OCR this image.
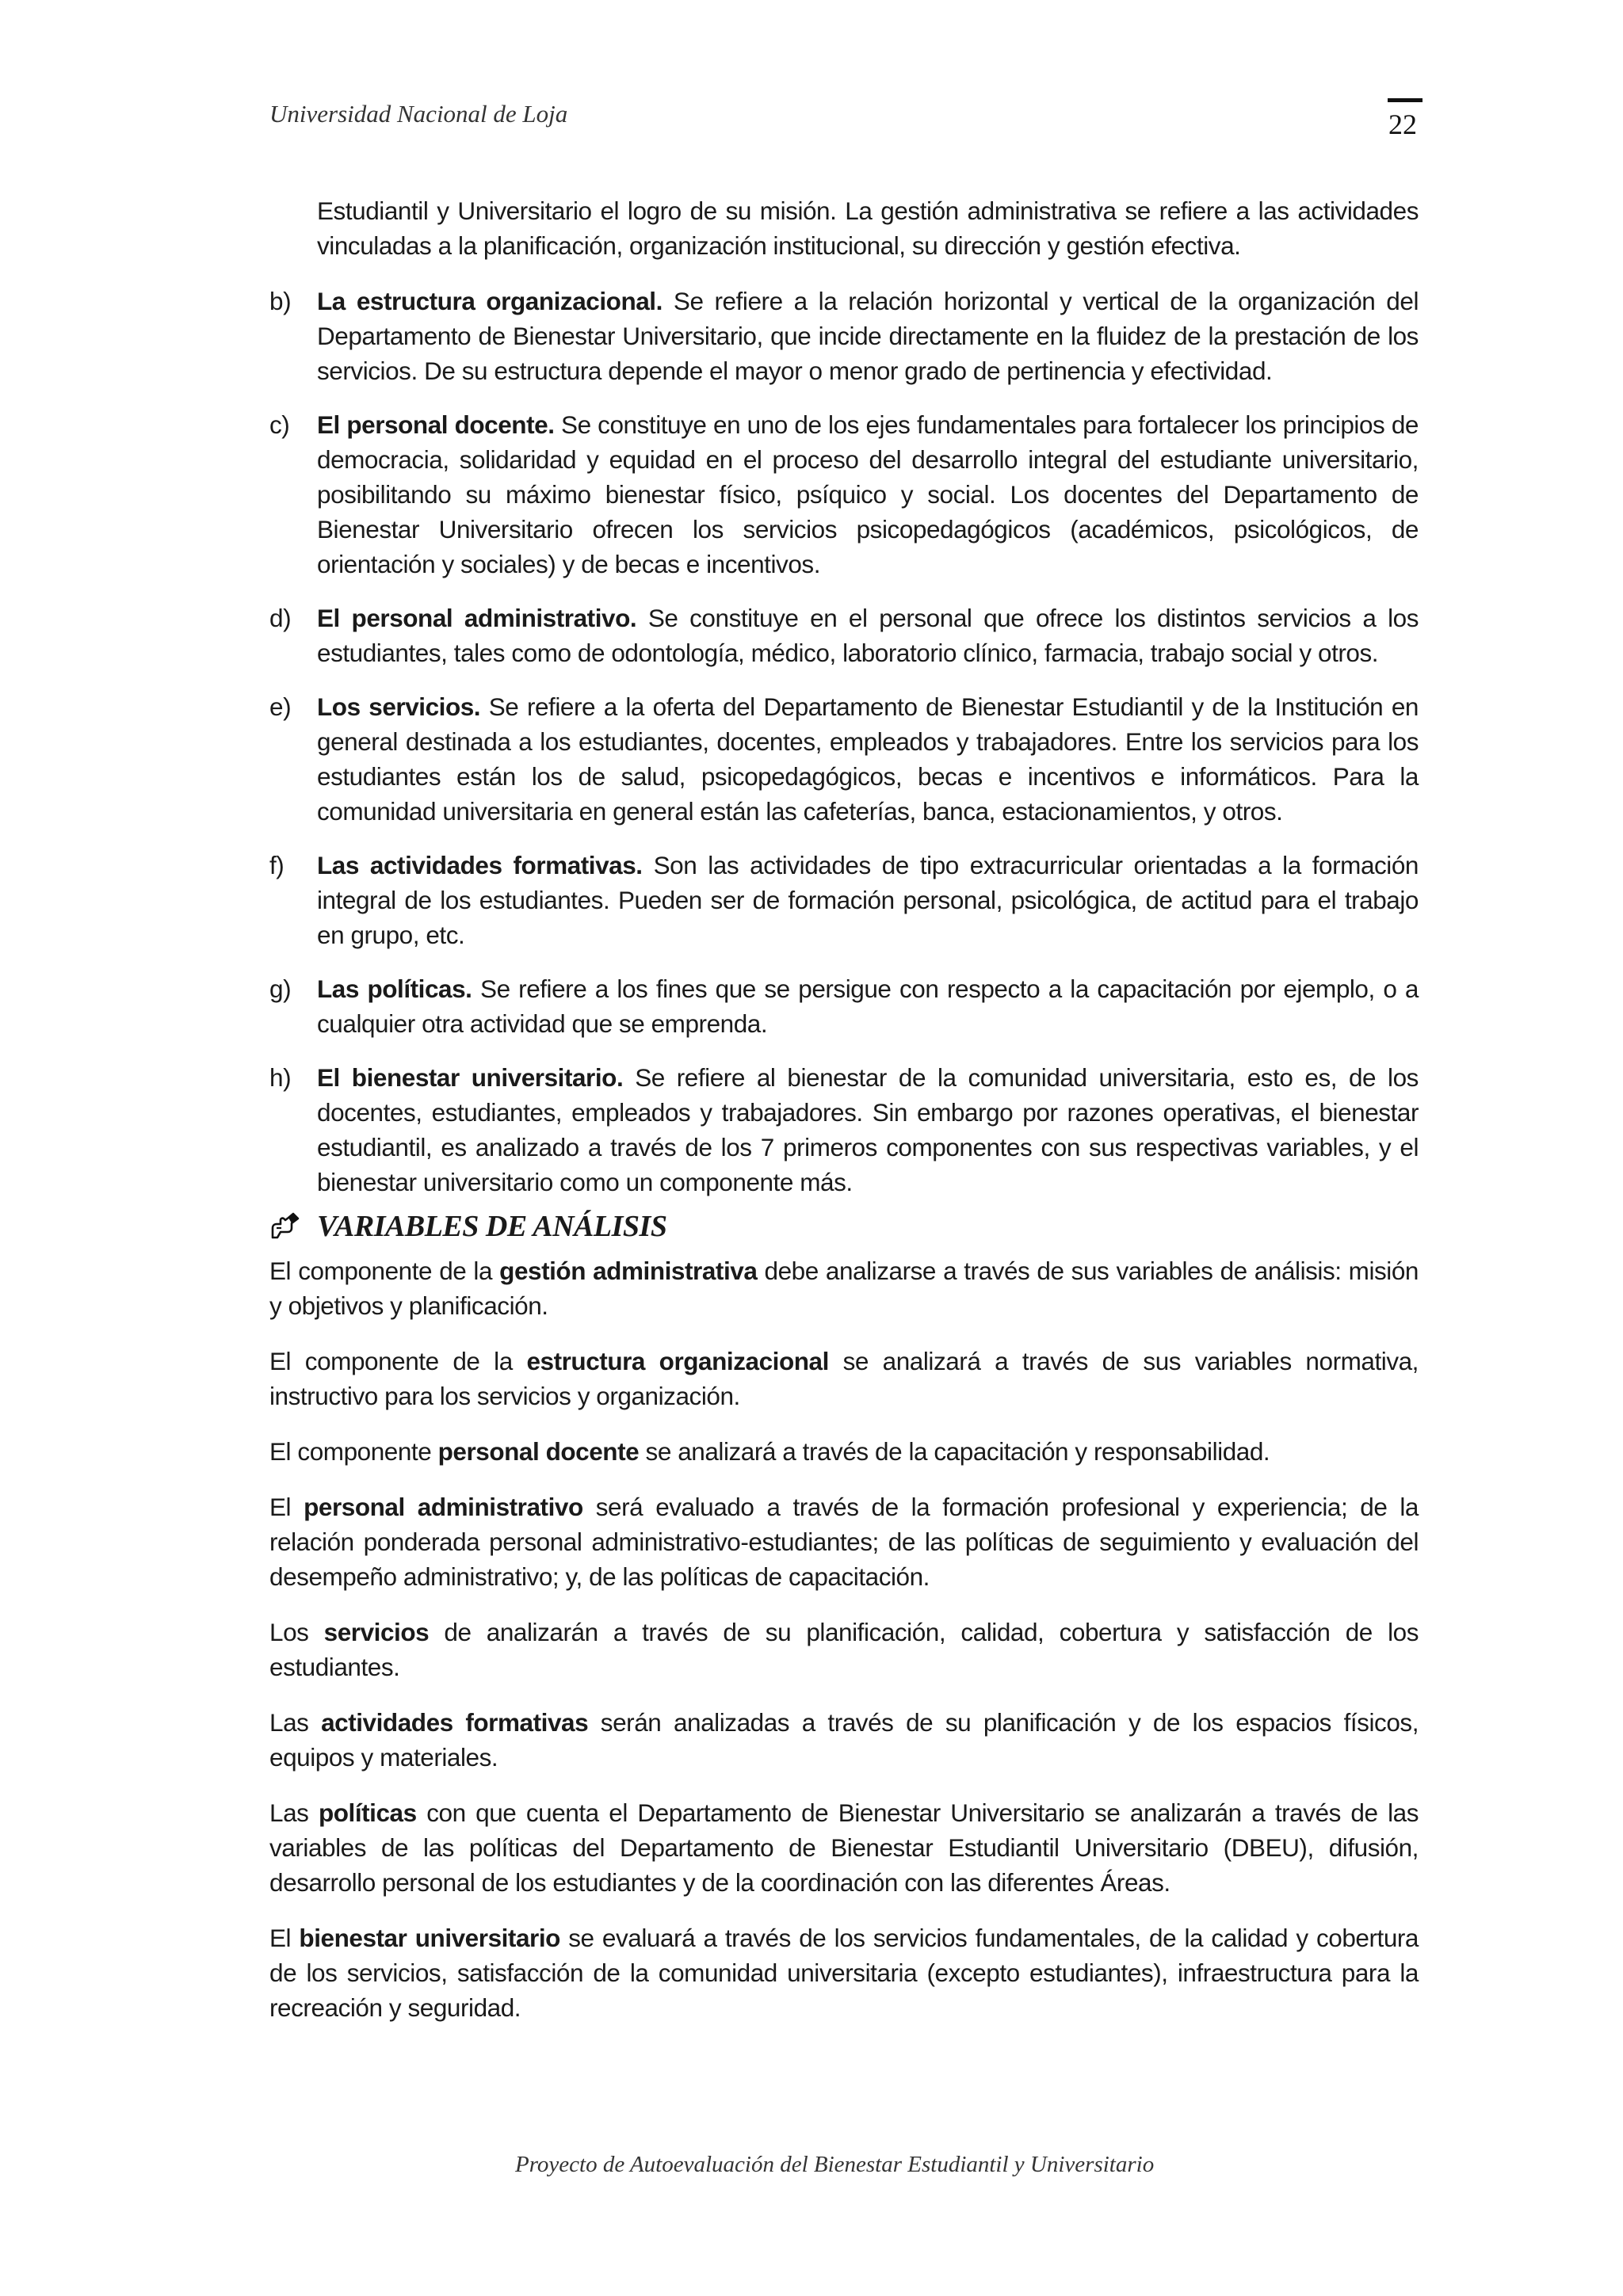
Universidad Nacional de Loja	22

Estudiantil y Universitario el logro de su misión. La gestión administrativa se refiere a las actividades vinculadas a la planificación, organización institucional, su dirección y gestión efectiva.

b) La estructura organizacional. Se refiere a la relación horizontal y vertical de la organización del Departamento de Bienestar Universitario, que incide directamente en la fluidez de la prestación de los servicios. De su estructura depende el mayor o menor grado de pertinencia y efectividad.
c) El personal docente. Se constituye en uno de los ejes fundamentales para fortalecer los principios de democracia, solidaridad y equidad en el proceso del desarrollo integral del estudiante universitario, posibilitando su máximo bienestar físico, psíquico y social. Los docentes del Departamento de Bienestar Universitario ofrecen los servicios psicopedagógicos (académicos, psicológicos, de orientación y sociales) y de becas e incentivos.
d) El personal administrativo. Se constituye en el personal que ofrece los distintos servicios a los estudiantes, tales como de odontología, médico, laboratorio clínico, farmacia, trabajo social y otros.
e) Los servicios. Se refiere a la oferta del Departamento de Bienestar Estudiantil y de la Institución en general destinada a los estudiantes, docentes, empleados y trabajadores. Entre los servicios para los estudiantes están los de salud, psicopedagógicos, becas e incentivos e informáticos. Para la comunidad universitaria en general están las cafeterías, banca, estacionamientos, y otros.
f) Las actividades formativas. Son las actividades de tipo extracurricular orientadas a la formación integral de los estudiantes. Pueden ser de formación personal, psicológica, de actitud para el trabajo en grupo, etc.
g) Las políticas. Se refiere a los fines que se persigue con respecto a la capacitación por ejemplo, o a cualquier otra actividad que se emprenda.
h) El bienestar universitario. Se refiere al bienestar de la comunidad universitaria, esto es, de los docentes, estudiantes, empleados y trabajadores. Sin embargo por razones operativas, el bienestar estudiantil, es analizado a través de los 7 primeros componentes con sus respectivas variables, y el bienestar universitario como un componente más.
VARIABLES DE ANÁLISIS

El componente de la gestión administrativa debe analizarse a través de sus variables de análisis: misión y objetivos y planificación.

El componente de la estructura organizacional se analizará a través de sus variables normativa, instructivo para los servicios y organización.

El componente personal docente se analizará a través de la capacitación y responsabilidad.

El personal administrativo será evaluado a través de la formación profesional y experiencia; de la relación ponderada personal administrativo-estudiantes; de las políticas de seguimiento y evaluación del desempeño administrativo; y, de las políticas de capacitación.

Los servicios de analizarán a través de su planificación, calidad, cobertura y satisfacción de los estudiantes.

Las actividades formativas serán analizadas a través de su planificación y de los espacios físicos, equipos y materiales.

Las políticas con que cuenta el Departamento de Bienestar Universitario se analizarán a través de las variables de las políticas del Departamento de Bienestar Estudiantil Universitario (DBEU), difusión, desarrollo personal de los estudiantes y de la coordinación con las diferentes Áreas.

El bienestar universitario se evaluará a través de los servicios fundamentales, de la calidad y cobertura de los servicios, satisfacción de la comunidad universitaria (excepto estudiantes), infraestructura para la recreación y seguridad.

Proyecto de Autoevaluación del Bienestar Estudiantil y Universitario
